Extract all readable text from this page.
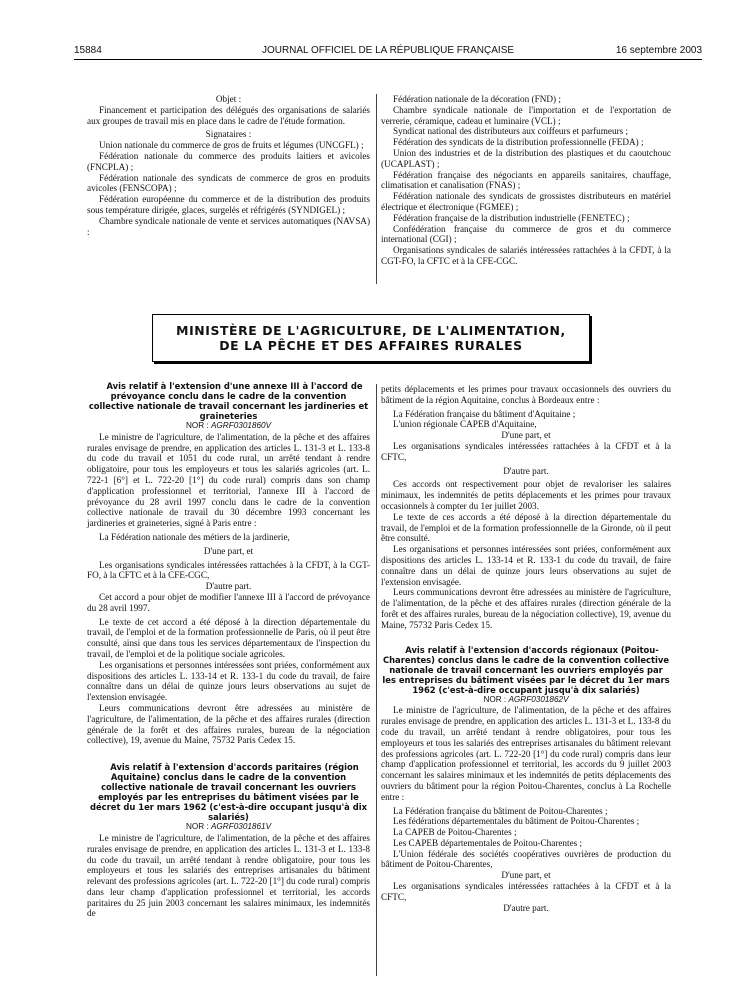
15884	JOURNAL OFFICIEL DE LA RÉPUBLIQUE FRANÇAISE	16 septembre 2003

Objet :

Financement et participation des délégués des organisations de salariés aux groupes de travail mis en place dans le cadre de l'étude formation.

Signataires :

Union nationale du commerce de gros de fruits et légumes (UNCGFL) ;

Fédération nationale du commerce des produits laitiers et avicoles (FNCPLA) ;

Fédération nationale des syndicats de commerce de gros en produits avicoles (FENSCOPA) ;

Fédération européenne du commerce et de la distribution des produits sous température dirigée, glaces, surgelés et réfrigérés (SYNDIGEL) ;

Chambre syndicale nationale de vente et services automatiques (NAVSA) :

Fédération nationale de la décoration (FND) ;

Chambre syndicale nationale de l'importation et de l'exportation de verrerie, céramique, cadeau et luminaire (VCL) ;

Syndicat national des distributeurs aux coiffeurs et parfumeurs ;

Fédération des syndicats de la distribution professionnelle (FEDA) ;

Union des industries et de la distribution des plastiques et du caoutchouc (UCAPLAST) ;

Fédération française des négociants en appareils sanitaires, chauffage, climatisation et canalisation (FNAS) ;

Fédération nationale des syndicats de grossistes distributeurs en matériel électrique et électronique (FGMEE) ;

Fédération française de la distribution industrielle (FENETEC) ;

Confédération française du commerce de gros et du commerce international (CGI) ;

Organisations syndicales de salariés intéressées rattachées à la CFDT, à la CGT-FO, la CFTC et à la CFE-CGC.

MINISTÈRE DE L'AGRICULTURE, DE L'ALIMENTATION,
DE LA PÊCHE ET DES AFFAIRES RURALES

Avis relatif à l'extension d'une annexe III à l'accord de prévoyance conclu dans le cadre de la convention collective nationale de travail concernant les jardineries et graineteries

NOR : AGRF0301860V

Le ministre de l'agriculture, de l'alimentation, de la pêche et des affaires rurales envisage de prendre, en application des articles L. 131-3 et L. 133-8 du code du travail et 1051 du code rural, un arrêté tendant à rendre obligatoire, pour tous les employeurs et tous les salariés agricoles (art. L. 722-1 [6°] et L. 722-20 [1°] du code rural) compris dans son champ d'application professionnel et territorial, l'annexe III à l'accord de prévoyance du 28 avril 1997 conclu dans le cadre de la convention collective nationale de travail du 30 décembre 1993 concernant les jardineries et graineteries, signé à Paris entre :

La Fédération nationale des métiers de la jardinerie,

D'une part, et

Les organisations syndicales intéressées rattachées à la CFDT, à la CGT-FO, à la CFTC et à la CFE-CGC,

D'autre part.

Cet accord a pour objet de modifier l'annexe III à l'accord de prévoyance du 28 avril 1997.

Le texte de cet accord a été déposé à la direction départementale du travail, de l'emploi et de la formation professionnelle de Paris, où il peut être consulté, ainsi que dans tous les services départementaux de l'inspection du travail, de l'emploi et de la politique sociale agricoles.

Les organisations et personnes intéressées sont priées, conformément aux dispositions des articles L. 133-14 et R. 133-1 du code du travail, de faire connaître dans un délai de quinze jours leurs observations au sujet de l'extension envisagée.

Leurs communications devront être adressées au ministère de l'agriculture, de l'alimentation, de la pêche et des affaires rurales (direction générale de la forêt et des affaires rurales, bureau de la négociation collective), 19, avenue du Maine, 75732 Paris Cedex 15.

Avis relatif à l'extension d'accords paritaires (région Aquitaine) conclus dans le cadre de la convention collective nationale de travail concernant les ouvriers employés par les entreprises du bâtiment visées par le décret du 1er mars 1962 (c'est-à-dire occupant jusqu'à dix salariés)

NOR : AGRF0301861V

Le ministre de l'agriculture, de l'alimentation, de la pêche et des affaires rurales envisage de prendre, en application des articles L. 131-3 et L. 133-8 du code du travail, un arrêté tendant à rendre obligatoire, pour tous les employeurs et tous les salariés des entreprises artisanales du bâtiment relevant des professions agricoles (art. L. 722-20 [1°] du code rural) compris dans leur champ d'application professionnel et territorial, les accords paritaires du 25 juin 2003 concernant les salaires minimaux, les indemnités de

petits déplacements et les primes pour travaux occasionnels des ouvriers du bâtiment de la région Aquitaine, conclus à Bordeaux entre :

La Fédération française du bâtiment d'Aquitaine ;

L'union régionale CAPEB d'Aquitaine,

D'une part, et

Les organisations syndicales intéressées rattachées à la CFDT et à la CFTC,

D'autre part.

Ces accords ont respectivement pour objet de revaloriser les salaires minimaux, les indemnités de petits déplacements et les primes pour travaux occasionnels à compter du 1er juillet 2003.

Le texte de ces accords a été déposé à la direction départementale du travail, de l'emploi et de la formation professionnelle de la Gironde, où il peut être consulté.

Les organisations et personnes intéressées sont priées, conformément aux dispositions des articles L. 133-14 et R. 133-1 du code du travail, de faire connaître dans un délai de quinze jours leurs observations au sujet de l'extension envisagée.

Leurs communications devront être adressées au ministère de l'agriculture, de l'alimentation, de la pêche et des affaires rurales (direction générale de la forêt et des affaires rurales, bureau de la négociation collective), 19, avenue du Maine, 75732 Paris Cedex 15.

Avis relatif à l'extension d'accords régionaux (Poitou-Charentes) conclus dans le cadre de la convention collective nationale de travail concernant les ouvriers employés par les entreprises du bâtiment visées par le décret du 1er mars 1962 (c'est-à-dire occupant jusqu'à dix salariés)

NOR : AGRF0301862V

Le ministre de l'agriculture, de l'alimentation, de la pêche et des affaires rurales envisage de prendre, en application des articles L. 131-3 et L. 133-8 du code du travail, un arrêté tendant à rendre obligatoires, pour tous les employeurs et tous les salariés des entreprises artisanales du bâtiment relevant des professions agricoles (art. L. 722-20 [1°] du code rural) compris dans leur champ d'application professionnel et territorial, les accords du 9 juillet 2003 concernant les salaires minimaux et les indemnités de petits déplacements des ouvriers du bâtiment pour la région Poitou-Charentes, conclus à La Rochelle entre :

La Fédération française du bâtiment de Poitou-Charentes ;

Les fédérations départementales du bâtiment de Poitou-Charentes ;

La CAPEB de Poitou-Charentes ;

Les CAPEB départementales de Poitou-Charentes ;

L'Union fédérale des sociétés coopératives ouvrières de production du bâtiment de Poitou-Charentes,

D'une part, et

Les organisations syndicales intéressées rattachées à la CFDT et à la CFTC,

D'autre part.
